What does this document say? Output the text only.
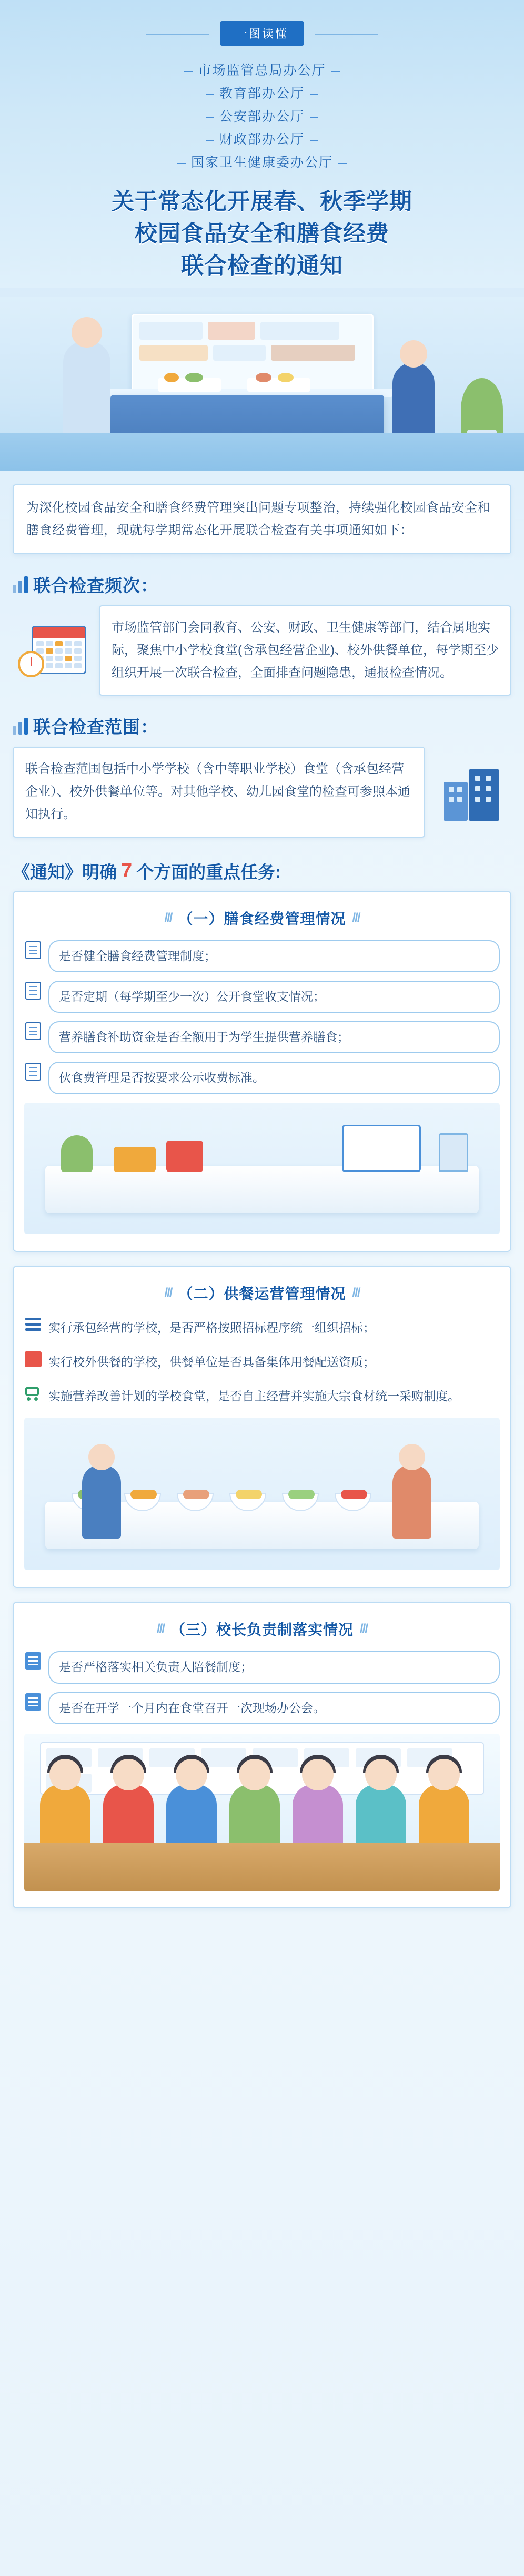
一图读懂
市场监管总局办公厅
教育部办公厅
公安部办公厅
财政部办公厅
国家卫生健康委办公厅
关于常态化开展春、秋季学期
校园食品安全和膳食经费
联合检查的通知
为深化校园食品安全和膳食经费管理突出问题专项整治，持续强化校园食品安全和膳食经费管理，现就每学期常态化开展联合检查有关事项通知如下：
联合检查频次：
市场监管部门会同教育、公安、财政、卫生健康等部门，结合属地实际，聚焦中小学校食堂(含承包经营企业)、校外供餐单位，每学期至少组织开展一次联合检查，全面排查问题隐患，通报检查情况。
联合检查范围：
联合检查范围包括中小学学校（含中等职业学校）食堂（含承包经营企业）、校外供餐单位等。对其他学校、幼儿园食堂的检查可参照本通知执行。
《通知》明确 7 个方面的重点任务:
/// （一）膳食经费管理情况 ///
是否健全膳食经费管理制度；
是否定期（每学期至少一次）公开食堂收支情况；
营养膳食补助资金是否全额用于为学生提供营养膳食；
伙食费管理是否按要求公示收费标准。
/// （二）供餐运营管理情况 ///
实行承包经营的学校，是否严格按照招标程序统一组织招标；
实行校外供餐的学校，供餐单位是否具备集体用餐配送资质；
实施营养改善计划的学校食堂，是否自主经营并实施大宗食材统一采购制度。
/// （三）校长负责制落实情况 ///
是否严格落实相关负责人陪餐制度；
是否在开学一个月内在食堂召开一次现场办公会。
